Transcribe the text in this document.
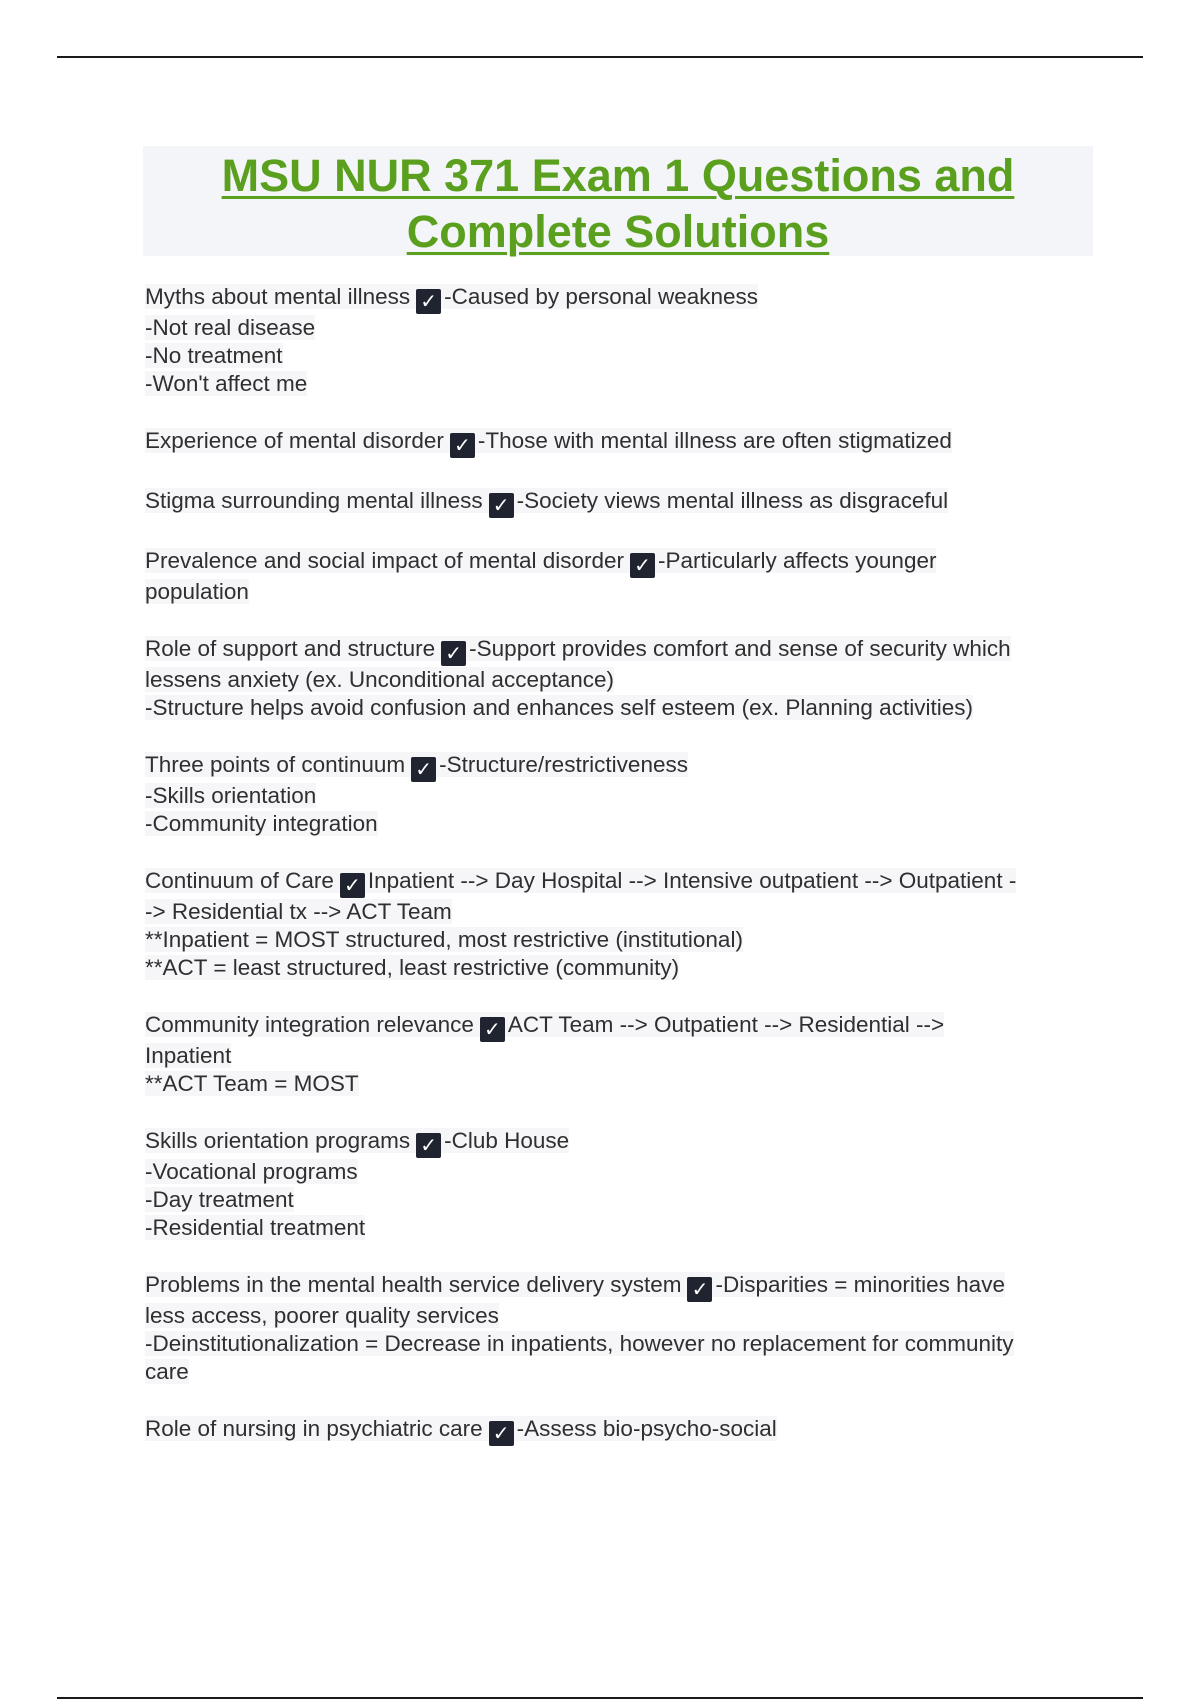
MSU NUR 371 Exam 1 Questions and Complete Solutions
Myths about mental illness ✓ -Caused by personal weakness
-Not real disease
-No treatment
-Won't affect me
Experience of mental disorder ✓ -Those with mental illness are often stigmatized
Stigma surrounding mental illness ✓ -Society views mental illness as disgraceful
Prevalence and social impact of mental disorder ✓ -Particularly affects younger
population
Role of support and structure ✓ -Support provides comfort and sense of security which
lessens anxiety (ex. Unconditional acceptance)
-Structure helps avoid confusion and enhances self esteem (ex. Planning activities)
Three points of continuum ✓ -Structure/restrictiveness
-Skills orientation
-Community integration
Continuum of Care ✓ Inpatient --> Day Hospital --> Intensive outpatient --> Outpatient -
-> Residential tx --> ACT Team
**Inpatient = MOST structured, most restrictive (institutional)
**ACT = least structured, least restrictive (community)
Community integration relevance ✓ ACT Team --> Outpatient --> Residential -->
Inpatient
**ACT Team = MOST
Skills orientation programs ✓ -Club House
-Vocational programs
-Day treatment
-Residential treatment
Problems in the mental health service delivery system ✓ -Disparities = minorities have
less access, poorer quality services
-Deinstitutionalization = Decrease in inpatients, however no replacement for community
care
Role of nursing in psychiatric care ✓ -Assess bio-psycho-social
